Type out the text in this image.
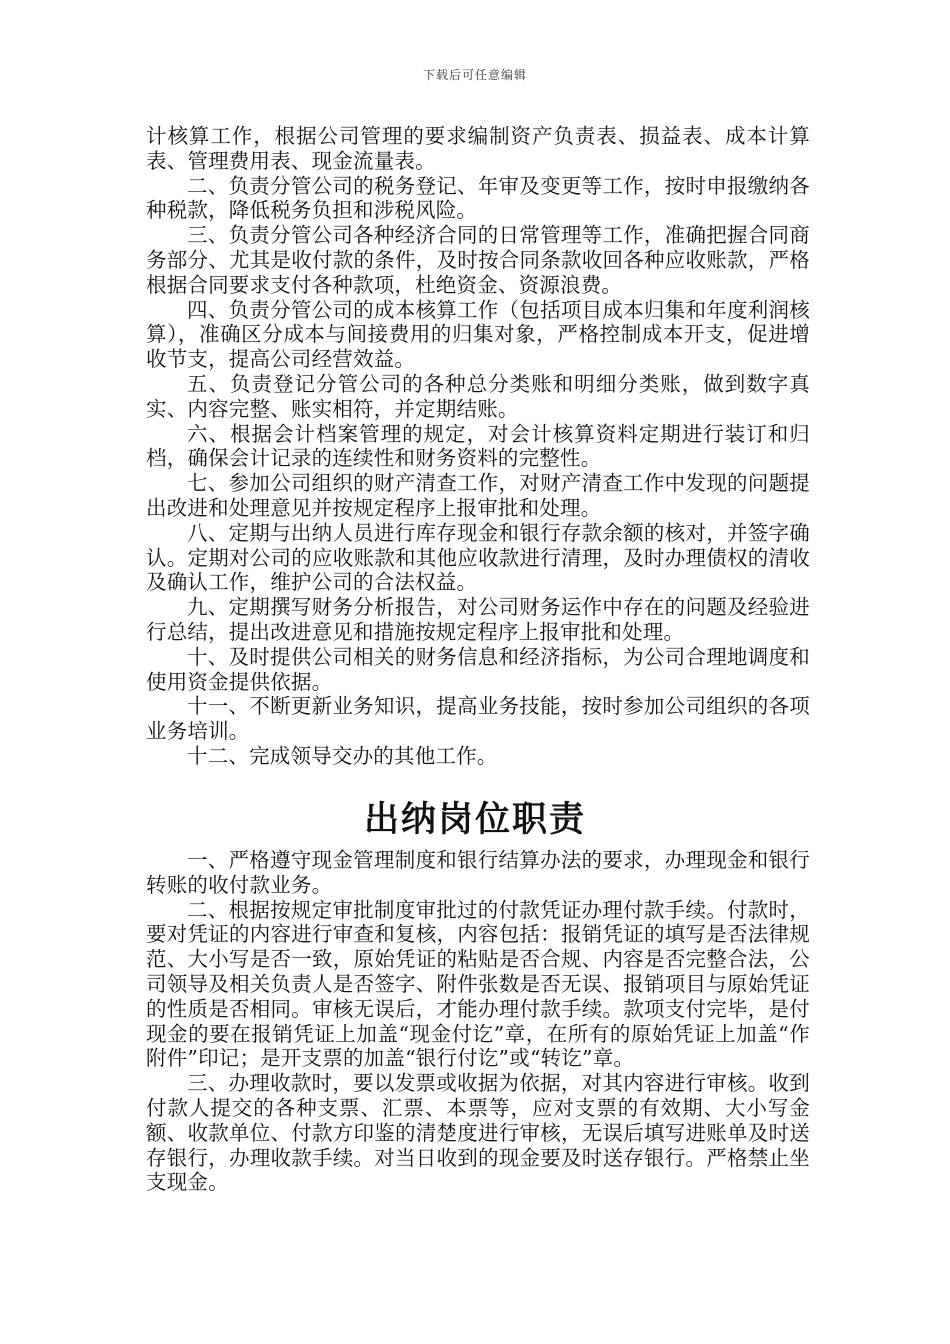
下载后可任意编辑

计核算工作，根据公司管理的要求编制资产负责表、损益表、成本计算表、管理费用表、现金流量表。

二、负责分管公司的税务登记、年审及变更等工作，按时申报缴纳各种税款，降低税务负担和涉税风险。

三、负责分管公司各种经济合同的日常管理等工作，准确把握合同商务部分、尤其是收付款的条件，及时按合同条款收回各种应收账款，严格根据合同要求支付各种款项，杜绝资金、资源浪费。

四、负责分管公司的成本核算工作（包括项目成本归集和年度利润核算），准确区分成本与间接费用的归集对象，严格控制成本开支，促进增收节支，提高公司经营效益。

五、负责登记分管公司的各种总分类账和明细分类账，做到数字真实、内容完整、账实相符，并定期结账。

六、根据会计档案管理的规定，对会计核算资料定期进行装订和归档，确保会计记录的连续性和财务资料的完整性。

七、参加公司组织的财产清查工作，对财产清查工作中发现的问题提出改进和处理意见并按规定程序上报审批和处理。

八、定期与出纳人员进行库存现金和银行存款余额的核对，并签字确认。定期对公司的应收账款和其他应收款进行清理，及时办理债权的清收及确认工作，维护公司的合法权益。

九、定期撰写财务分析报告，对公司财务运作中存在的问题及经验进行总结，提出改进意见和措施按规定程序上报审批和处理。

十、及时提供公司相关的财务信息和经济指标，为公司合理地调度和使用资金提供依据。

十一、不断更新业务知识，提高业务技能，按时参加公司组织的各项业务培训。

十二、完成领导交办的其他工作。

出纳岗位职责

一、严格遵守现金管理制度和银行结算办法的要求，办理现金和银行转账的收付款业务。

二、根据按规定审批制度审批过的付款凭证办理付款手续。付款时，要对凭证的内容进行审查和复核，内容包括：报销凭证的填写是否法律规范、大小写是否一致，原始凭证的粘贴是否合规、内容是否完整合法，公司领导及相关负责人是否签字、附件张数是否无误、报销项目与原始凭证的性质是否相同。审核无误后，才能办理付款手续。款项支付完毕，是付现金的要在报销凭证上加盖“现金付讫”章，在所有的原始凭证上加盖“作附件”印记；是开支票的加盖“银行付讫”或“转讫”章。

三、办理收款时，要以发票或收据为依据，对其内容进行审核。收到付款人提交的各种支票、汇票、本票等，应对支票的有效期、大小写金额、收款单位、付款方印鉴的清楚度进行审核，无误后填写进账单及时送存银行，办理收款手续。对当日收到的现金要及时送存银行。严格禁止坐支现金。
